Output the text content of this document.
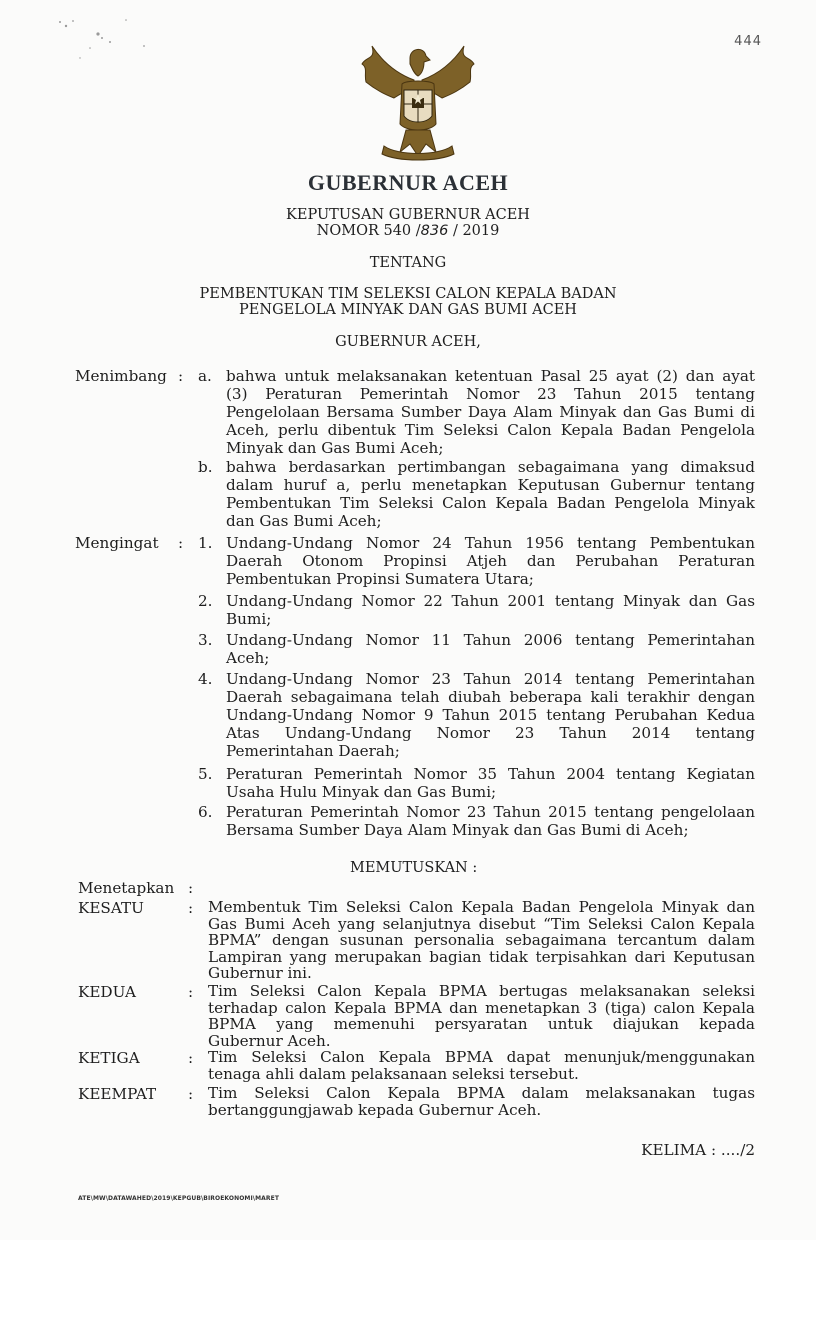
444
GUBERNUR ACEH
KEPUTUSAN GUBERNUR ACEH
NOMOR 540 /836 / 2019
TENTANG
PEMBENTUKAN TIM SELEKSI CALON KEPALA BADAN
PENGELOLA MINYAK DAN GAS BUMI ACEH
GUBERNUR ACEH,
Menimbang : a. bahwa untuk melaksanakan ketentuan Pasal 25 ayat (2) dan ayat
(3) Peraturan Pemerintah Nomor 23 Tahun 2015 tentang
Pengelolaan Bersama Sumber Daya Alam Minyak dan Gas Bumi di
Aceh, perlu dibentuk Tim Seleksi Calon Kepala Badan Pengelola
Minyak dan Gas Bumi Aceh;
b. bahwa berdasarkan pertimbangan sebagaimana yang dimaksud
dalam huruf a, perlu menetapkan Keputusan Gubernur tentang
Pembentukan Tim Seleksi Calon Kepala Badan Pengelola Minyak
dan Gas Bumi Aceh;
Mengingat : 1. Undang-Undang Nomor 24 Tahun 1956 tentang Pembentukan
Daerah Otonom Propinsi Atjeh dan Perubahan Peraturan
Pembentukan Propinsi Sumatera Utara;
2. Undang-Undang Nomor 22 Tahun 2001 tentang Minyak dan Gas
Bumi;
3. Undang-Undang Nomor 11 Tahun 2006 tentang Pemerintahan
Aceh;
4. Undang-Undang Nomor 23 Tahun 2014 tentang Pemerintahan
Daerah sebagaimana telah diubah beberapa kali terakhir dengan
Undang-Undang Nomor 9 Tahun 2015 tentang Perubahan Kedua
Atas Undang-Undang Nomor 23 Tahun 2014 tentang
Pemerintahan Daerah;
5. Peraturan Pemerintah Nomor 35 Tahun 2004 tentang Kegiatan
Usaha Hulu Minyak dan Gas Bumi;
6. Peraturan Pemerintah Nomor 23 Tahun 2015 tentang pengelolaan
Bersama Sumber Daya Alam Minyak dan Gas Bumi di Aceh;
MEMUTUSKAN :
Menetapkan :
KESATU	: Membentuk Tim Seleksi Calon Kepala Badan Pengelola Minyak dan
Gas Bumi Aceh yang selanjutnya disebut “Tim Seleksi Calon Kepala
BPMA” dengan susunan personalia sebagaimana tercantum dalam
Lampiran yang merupakan bagian tidak terpisahkan dari Keputusan
Gubernur ini.
KEDUA	: Tim Seleksi Calon Kepala BPMA bertugas melaksanakan seleksi
terhadap calon Kepala BPMA dan menetapkan 3 (tiga) calon Kepala
BPMA yang memenuhi persyaratan untuk diajukan kepada
Gubernur Aceh.
KETIGA	: Tim Seleksi Calon Kepala BPMA dapat menunjuk/menggunakan
tenaga ahli dalam pelaksanaan seleksi tersebut.
KEEMPAT : Tim Seleksi Calon Kepala BPMA dalam melaksanakan tugas
bertanggungjawab kepada Gubernur Aceh.
KELIMA : ..../2
ATE\MW\DATAWAHED\2019\KEPGUB\BIROEKONOMI\MARET
